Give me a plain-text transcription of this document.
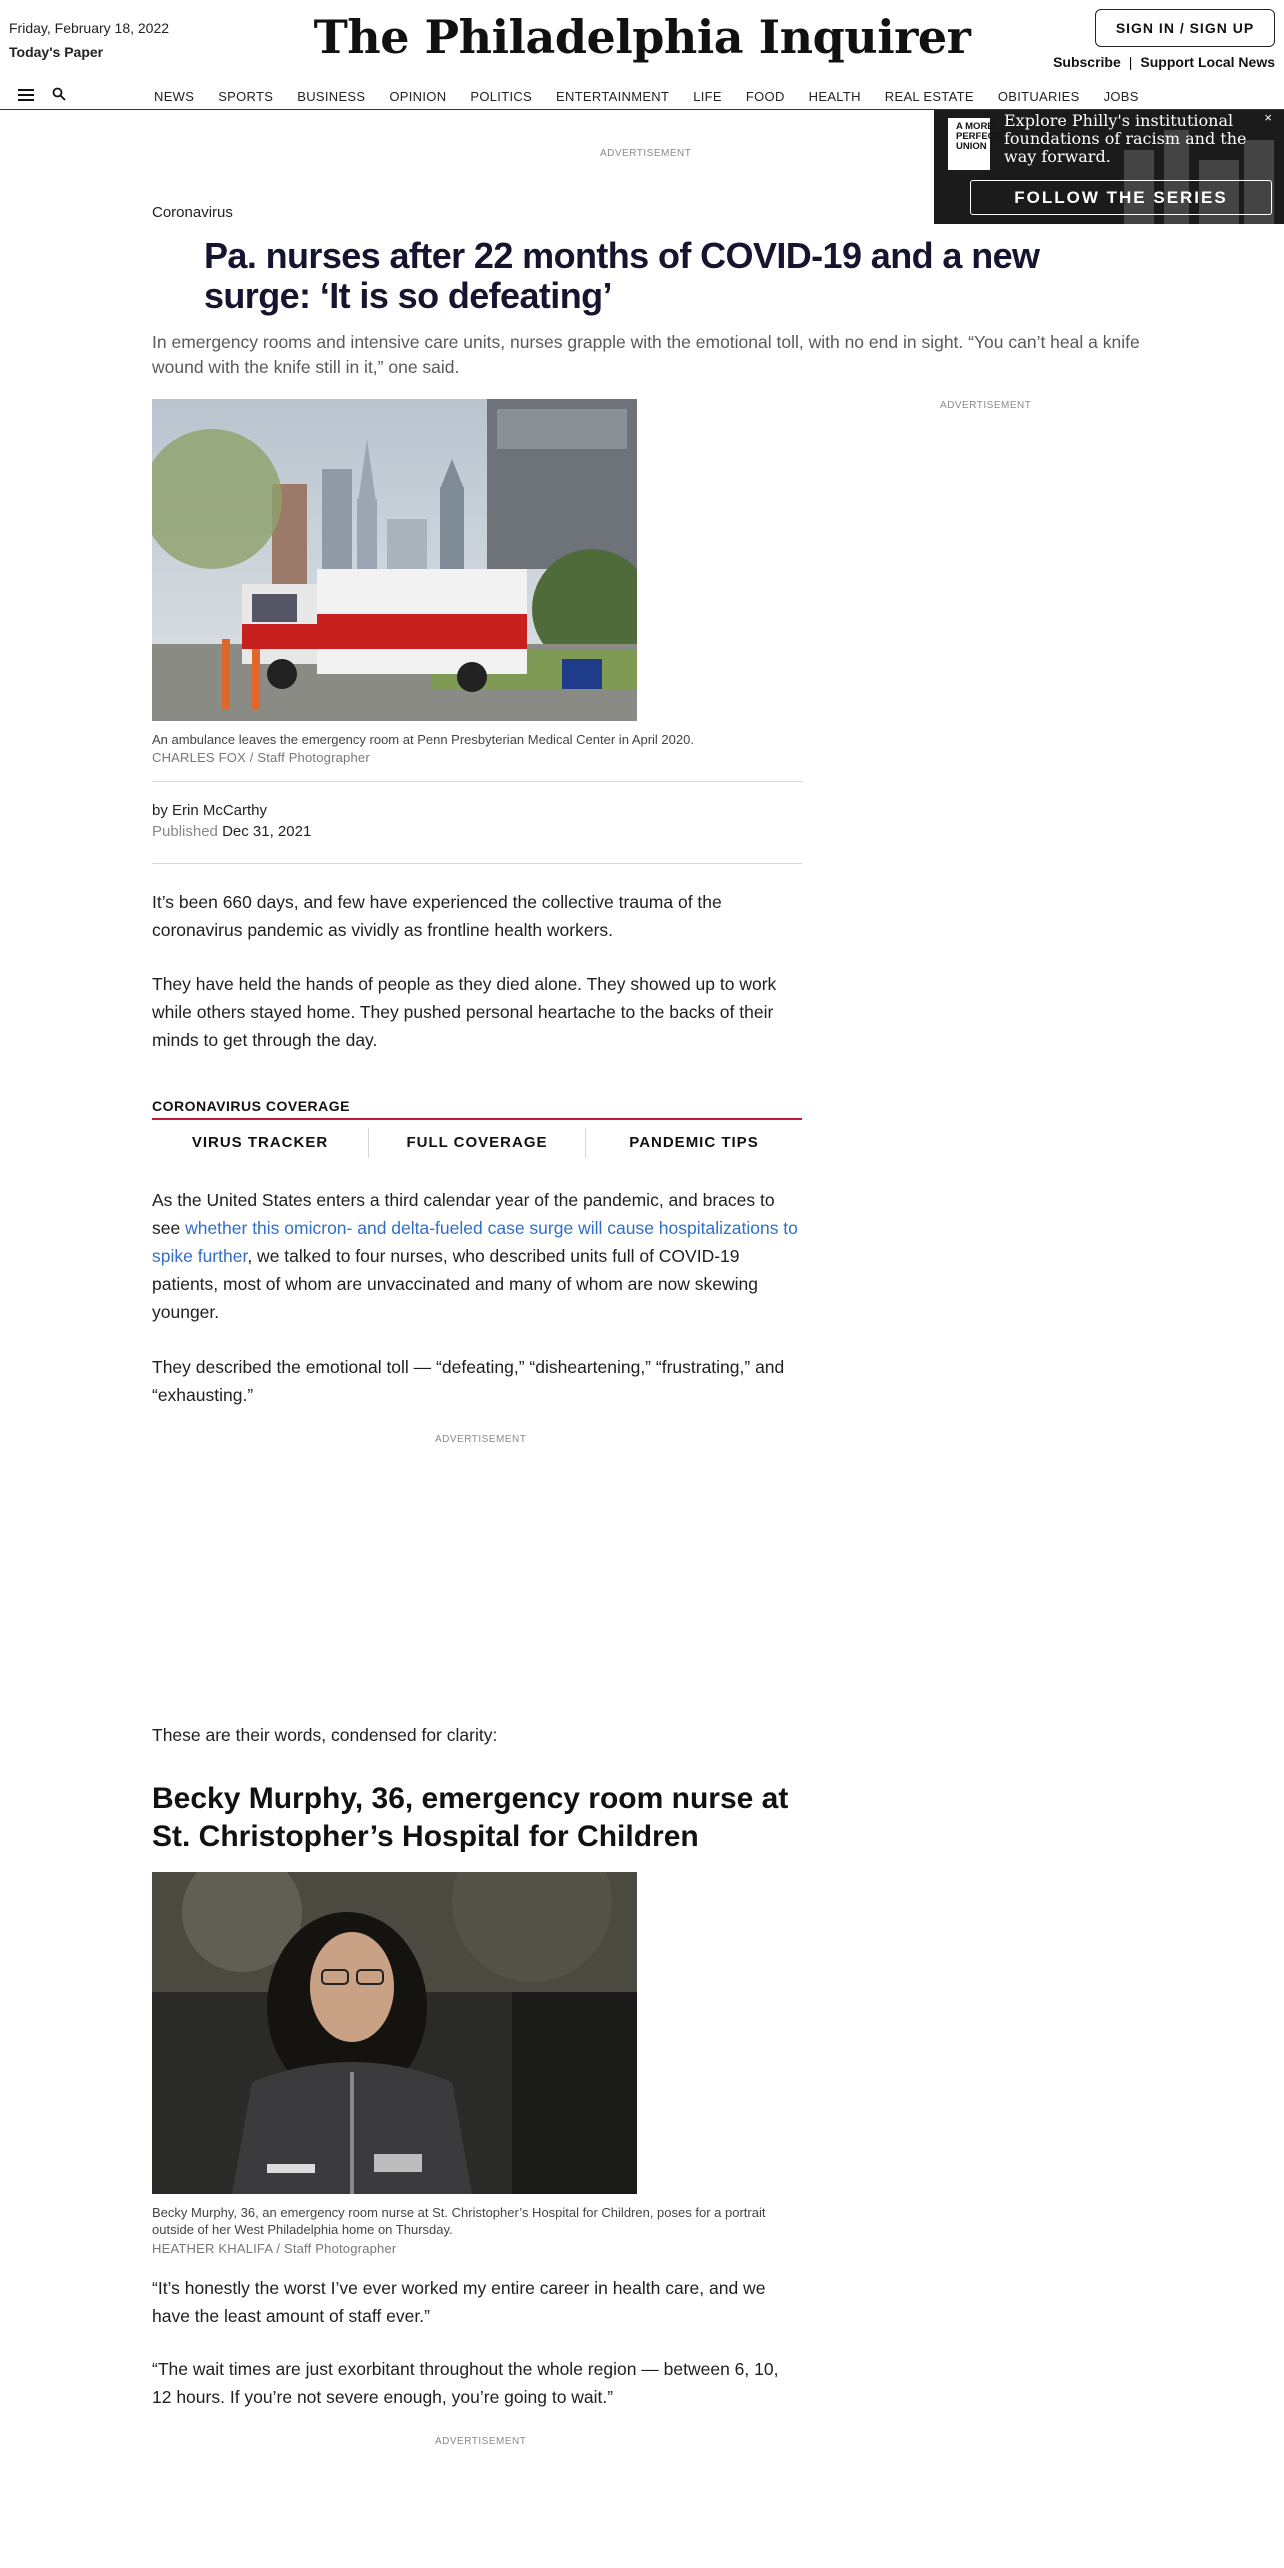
Friday, February 18, 2022
Today's Paper	The Philadelphia Inquirer	SIGN IN / SIGN UP
Subscribe | Support Local News
NEWS SPORTS BUSINESS OPINION POLITICS ENTERTAINMENT LIFE FOOD HEALTH REAL ESTATE OBITUARIES JOBS
A MORE PERFECT UNION
Explore Philly's institutional foundations of racism and the way forward.
FOLLOW THE SERIES
×
ADVERTISEMENT
Coronavirus
Pa. nurses after 22 months of COVID-19 and a new surge: ‘It is so defeating’

In emergency rooms and intensive care units, nurses grapple with the emotional toll, with no end in sight. “You can’t heal a knife wound with the knife still in it,” one said.

ADVERTISEMENT
An ambulance leaves the emergency room at Penn Presbyterian Medical Center in April 2020.
CHARLES FOX / Staff Photographer
by Erin McCarthy
Published Dec 31, 2021

It’s been 660 days, and few have experienced the collective trauma of the coronavirus pandemic as vividly as frontline health workers.

They have held the hands of people as they died alone. They showed up to work while others stayed home. They pushed personal heartache to the backs of their minds to get through the day.

CORONAVIRUS COVERAGE
VIRUS TRACKER	FULL COVERAGE	PANDEMIC TIPS

As the United States enters a third calendar year of the pandemic, and braces to see whether this omicron- and delta-fueled case surge will cause hospitalizations to spike further, we talked to four nurses, who described units full of COVID-19 patients, most of whom are unvaccinated and many of whom are now skewing younger.

They described the emotional toll — “defeating,” “disheartening,” “frustrating,” and “exhausting.”

ADVERTISEMENT

These are their words, condensed for clarity:

Becky Murphy, 36, emergency room nurse at St. Christopher’s Hospital for Children
Becky Murphy, 36, an emergency room nurse at St. Christopher’s Hospital for Children, poses for a portrait outside of her West Philadelphia home on Thursday.
HEATHER KHALIFA / Staff Photographer

“It’s honestly the worst I’ve ever worked my entire career in health care, and we have the least amount of staff ever.”

“The wait times are just exorbitant throughout the whole region — between 6, 10, 12 hours. If you’re not severe enough, you’re going to wait.”

ADVERTISEMENT
